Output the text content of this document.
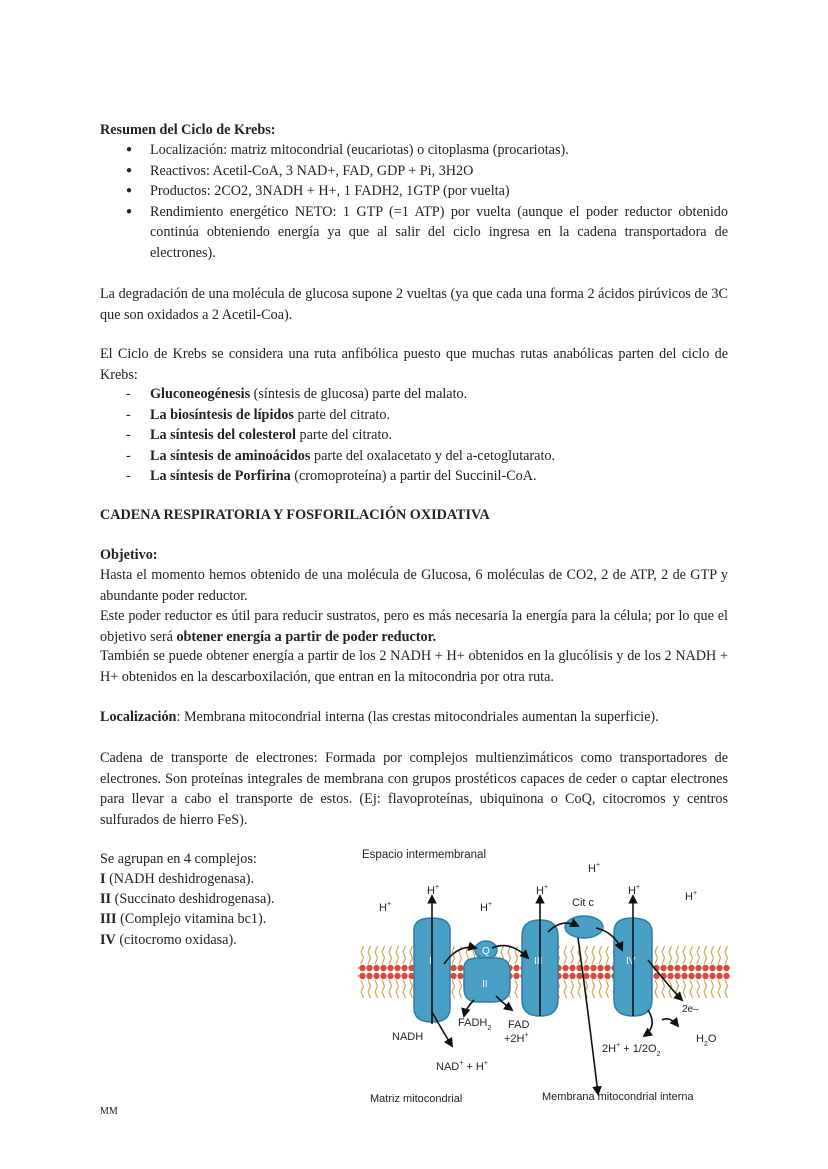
Resumen del Ciclo de Krebs:
● Localización: matriz mitocondrial (eucariotas) o citoplasma (procariotas).
● Reactivos: Acetil-CoA, 3 NAD+, FAD, GDP + Pi, 3H2O
● Productos: 2CO2, 3NADH + H+, 1 FADH2, 1GTP (por vuelta)
● Rendimiento energético NETO: 1 GTP (=1 ATP) por vuelta (aunque el poder reductor obtenido continúa obteniendo energía ya que al salir del ciclo ingresa en la cadena transportadora de electrones).
La degradación de una molécula de glucosa supone 2 vueltas (ya que cada una forma 2 ácidos pirúvicos de 3C que son oxidados a 2 Acetil-Coa).
El Ciclo de Krebs se considera una ruta anfibólica puesto que muchas rutas anabólicas parten del ciclo de Krebs:
- Gluconeogénesis (síntesis de glucosa) parte del malato.
- La biosíntesis de lípidos parte del citrato.
- La síntesis del colesterol parte del citrato.
- La síntesis de aminoácidos parte del oxalacetato y del a-cetoglutarato.
- La síntesis de Porfirina (cromoproteína) a partir del Succinil-CoA.
CADENA RESPIRATORIA Y FOSFORILACIÓN OXIDATIVA
Objetivo:
Hasta el momento hemos obtenido de una molécula de Glucosa, 6 moléculas de CO2, 2 de ATP, 2 de GTP y abundante poder reductor.
Este poder reductor es útil para reducir sustratos, pero es más necesaria la energía para la célula; por lo que el objetivo será obtener energía a partir de poder reductor.
También se puede obtener energía a partir de los 2 NADH + H+ obtenidos en la glucólisis y de los 2 NADH + H+ obtenidos en la descarboxilación, que entran en la mitocondria por otra ruta.
Localización: Membrana mitocondrial interna (las crestas mitocondriales aumentan la superficie).
Cadena de transporte de electrones: Formada por complejos multienzimáticos como transportadores de electrones. Son proteínas integrales de membrana con grupos prostéticos capaces de ceder o captar electrones para llevar a cabo el transporte de estos. (Ej: flavoproteínas, ubiquinona o CoQ, citocromos y centros sulfurados de hierro FeS).
Se agrupan en 4 complejos:
I (NADH deshidrogenasa).
II (Succinato deshidrogenasa).
III (Complejo vitamina bc1).
IV (citocromo oxidasa).
Espacio intermembranal
H+
H+
H+
H+
H+	H+
H+
I
Q
II
III
Cit c
IV
NADH
NAD+ + H+
$FADH_2$ FAD
+2H+
$2H^+ + 1/2O_2$
$H_2O$
2e–
Matriz mitocondrial	Membrana mitocondrial interna
MM
